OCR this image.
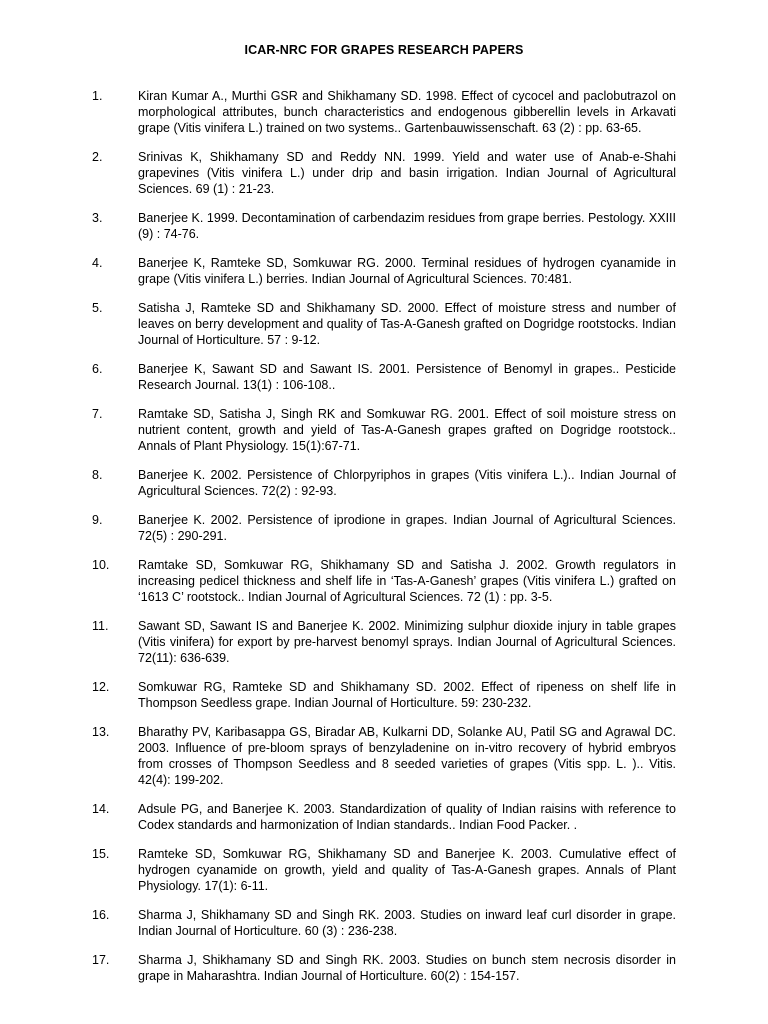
ICAR-NRC FOR GRAPES RESEARCH PAPERS
1.	Kiran Kumar A., Murthi GSR and Shikhamany SD. 1998. Effect of cycocel and paclobutrazol on morphological attributes, bunch characteristics and endogenous gibberellin levels in Arkavati grape (Vitis vinifera L.) trained on two systems.. Gartenbauwissenschaft. 63 (2) : pp. 63-65.
2.	Srinivas K, Shikhamany SD and Reddy NN. 1999. Yield and water use of Anab-e-Shahi grapevines (Vitis vinifera L.) under drip and basin irrigation. Indian Journal of Agricultural Sciences. 69 (1) : 21-23.
3.	Banerjee K. 1999. Decontamination of carbendazim residues from grape berries. Pestology. XXIII (9) : 74-76.
4.	Banerjee K, Ramteke SD, Somkuwar RG. 2000. Terminal residues of hydrogen cyanamide in grape (Vitis vinifera L.) berries. Indian Journal of Agricultural Sciences. 70:481.
5.	Satisha J, Ramteke SD and Shikhamany SD. 2000. Effect of moisture stress and number of leaves on berry development and quality of Tas-A-Ganesh grafted on Dogridge rootstocks. Indian Journal of Horticulture. 57 : 9-12.
6.	Banerjee K, Sawant SD and Sawant IS. 2001. Persistence of Benomyl in grapes.. Pesticide Research Journal. 13(1) : 106-108..
7.	Ramtake SD, Satisha J, Singh RK and Somkuwar RG. 2001. Effect of soil moisture stress on nutrient content, growth and yield of Tas-A-Ganesh grapes grafted on Dogridge rootstock.. Annals of Plant Physiology. 15(1):67-71.
8.	Banerjee K. 2002. Persistence of Chlorpyriphos in grapes (Vitis vinifera L.).. Indian Journal of Agricultural Sciences. 72(2) : 92-93.
9.	Banerjee K. 2002. Persistence of iprodione in grapes. Indian Journal of Agricultural Sciences. 72(5) : 290-291.
10.	Ramtake SD, Somkuwar RG, Shikhamany SD and Satisha J. 2002. Growth regulators in increasing pedicel thickness and shelf life in ‘Tas-A-Ganesh’ grapes (Vitis vinifera L.) grafted on ‘1613 C’ rootstock.. Indian Journal of Agricultural Sciences. 72 (1) : pp. 3-5.
11.	Sawant SD, Sawant IS and Banerjee K. 2002. Minimizing sulphur dioxide injury in table grapes (Vitis vinifera) for export by pre-harvest benomyl sprays. Indian Journal of Agricultural Sciences. 72(11): 636-639.
12.	Somkuwar RG, Ramteke SD and Shikhamany SD. 2002. Effect of ripeness on shelf life in Thompson Seedless grape. Indian Journal of Horticulture. 59: 230-232.
13.	Bharathy PV, Karibasappa GS, Biradar AB, Kulkarni DD, Solanke AU, Patil SG and Agrawal DC. 2003. Influence of pre-bloom sprays of benzyladenine on in-vitro recovery of hybrid embryos from crosses of Thompson Seedless and 8 seeded varieties of grapes (Vitis spp. L. ).. Vitis. 42(4): 199-202.
14.	Adsule PG, and Banerjee K. 2003. Standardization of quality of Indian raisins with reference to Codex standards and harmonization of Indian standards.. Indian Food Packer. .
15.	Ramteke SD, Somkuwar RG, Shikhamany SD and Banerjee K. 2003. Cumulative effect of hydrogen cyanamide on growth, yield and quality of Tas-A-Ganesh grapes. Annals of Plant Physiology. 17(1): 6-11.
16.	Sharma J, Shikhamany SD and Singh RK. 2003. Studies on inward leaf curl disorder in grape. Indian Journal of Horticulture. 60 (3) : 236-238.
17.	Sharma J, Shikhamany SD and Singh RK. 2003. Studies on bunch stem necrosis disorder in grape in Maharashtra. Indian Journal of Horticulture. 60(2) : 154-157.
